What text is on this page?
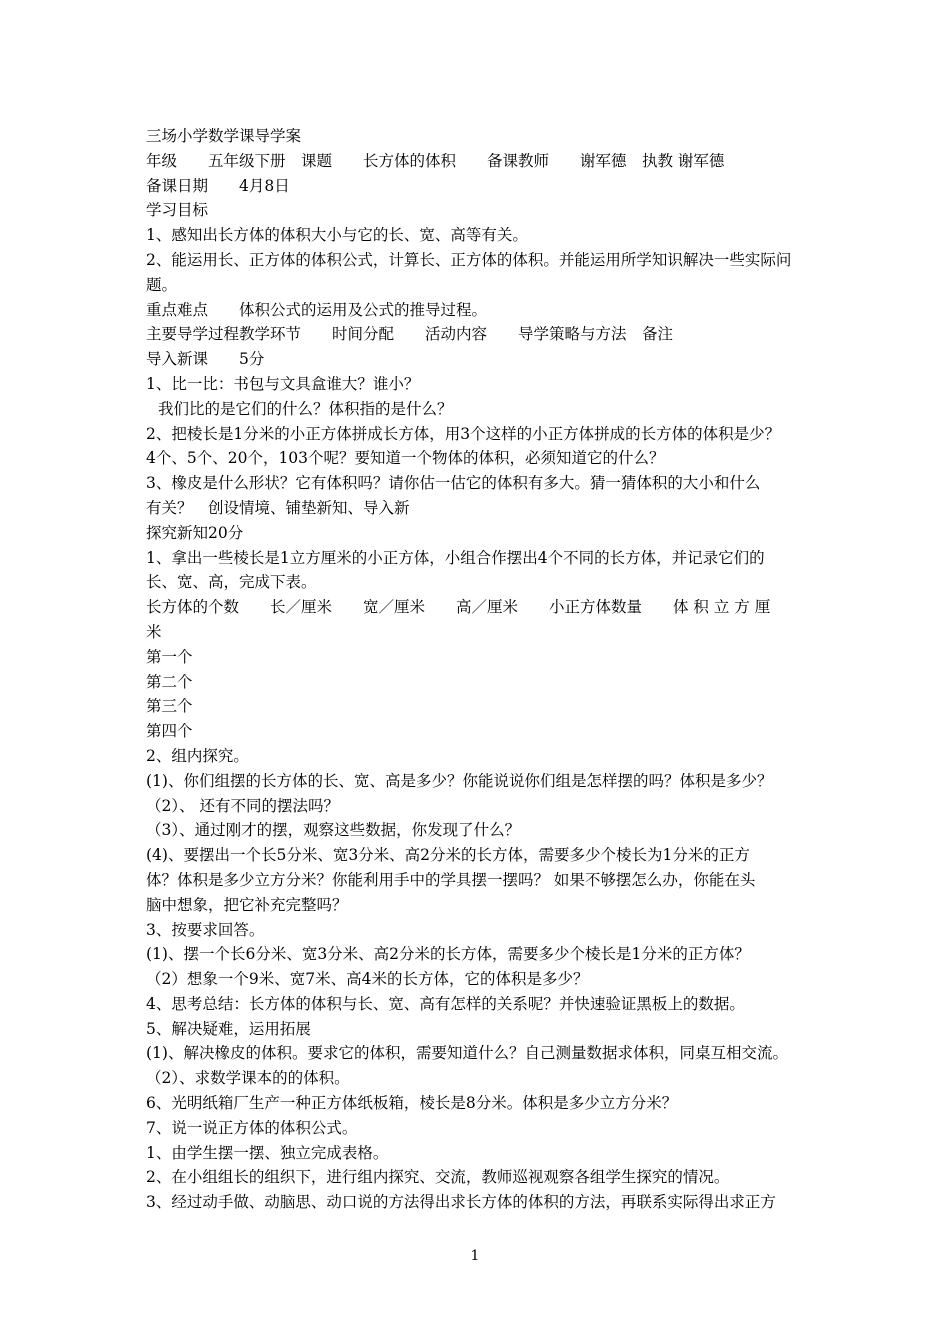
三场小学数学课导学案
年级　　五年级下册　课题　　长方体的体积　　备课教师　　谢军德　执教 谢军德
备课日期　　4月8日
学习目标
1、感知出长方体的体积大小与它的长、宽、高等有关。
2、能运用长、正方体的体积公式，计算长、正方体的体积。并能运用所学知识解决一些实际问
题。
重点难点　　体积公式的运用及公式的推导过程。
主要导学过程教学环节　　时间分配　　活动内容　　导学策略与方法　备注
导入新课　　5分
1、比一比：书包与文具盒谁大？谁小？
我们比的是它们的什么？体积指的是什么？
2、把棱长是1分米的小正方体拼成长方体，用3个这样的小正方体拼成的长方体的体积是少？
4个、5个、20个，103个呢？要知道一个物体的体积，必须知道它的什么？
3、橡皮是什么形状？它有体积吗？请你估一估它的体积有多大。猜一猜体积的大小和什么
有关？　创设情境、铺垫新知、导入新
探究新知20分
1、拿出一些棱长是1立方厘米的小正方体，小组合作摆出4个不同的长方体，并记录它们的
长、宽、高，完成下表。
长方体的个数　　长／厘米　　宽／厘米　　高／厘米　　小正方体数量　　体 积 立 方 厘
米
第一个
第二个
第三个
第四个
2、组内探究。
(1)、你们组摆的长方体的长、宽、高是多少？你能说说你们组是怎样摆的吗？体积是多少？
（2）、 还有不同的摆法吗？
（3）、通过刚才的摆，观察这些数据，你发现了什么？
(4)、要摆出一个长5分米、宽3分米、高2分米的长方体，需要多少个棱长为1分米的正方
体？体积是多少立方分米？你能利用手中的学具摆一摆吗？ 如果不够摆怎么办，你能在头
脑中想象，把它补充完整吗？
3、按要求回答。
(1)、摆一个长6分米、宽3分米、高2分米的长方体，需要多少个棱长是1分米的正方体？
（2）想象一个9米、宽7米、高4米的长方体，它的体积是多少？
4、思考总结：长方体的体积与长、宽、高有怎样的关系呢？并快速验证黑板上的数据。
5、解决疑难，运用拓展
(1)、解决橡皮的体积。要求它的体积，需要知道什么？自己测量数据求体积，同桌互相交流。
（2）、求数学课本的的体积。
6、光明纸箱厂生产一种正方体纸板箱，棱长是8分米。体积是多少立方分米？
7、说一说正方体的体积公式。
1、由学生摆一摆、独立完成表格。
2、在小组组长的组织下，进行组内探究、交流，教师巡视观察各组学生探究的情况。
3、经过动手做、动脑思、动口说的方法得出求长方体的体积的方法，再联系实际得出求正方
1
